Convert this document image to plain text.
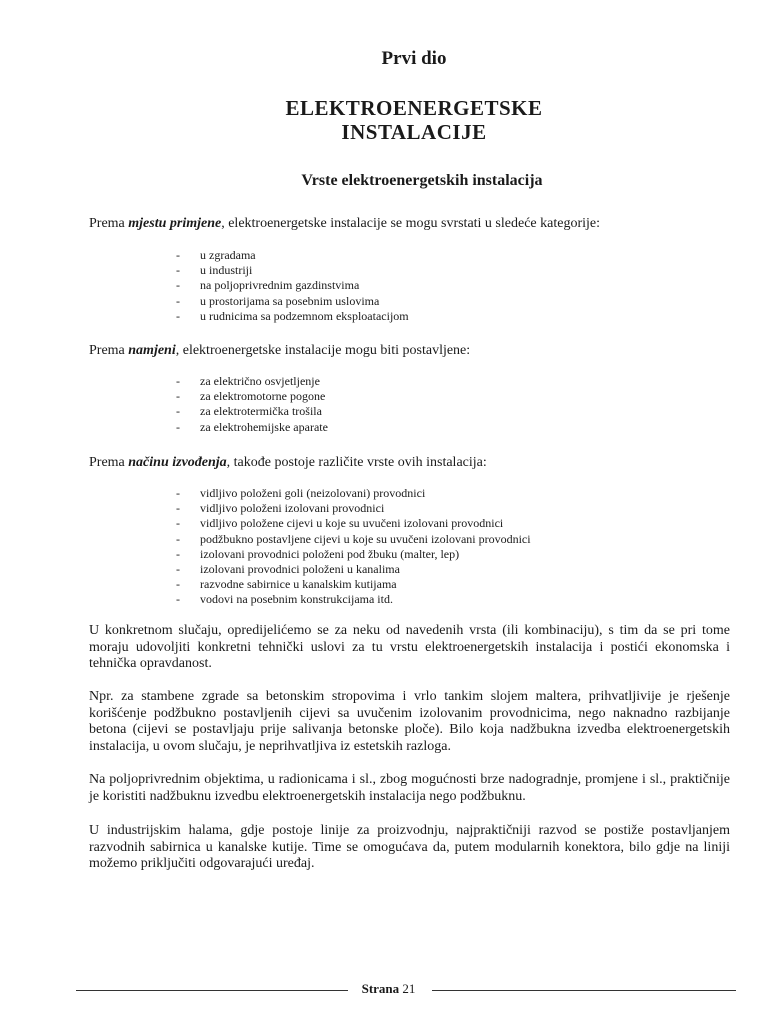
Prvi dio
ELEKTROENERGETSKE
INSTALACIJE
Vrste elektroenergetskih instalacija
Prema mjestu primjene, elektroenergetske instalacije se mogu svrstati u sledeće kategorije:
- u zgradama
- u industriji
- na poljoprivrednim gazdinstvima
- u prostorijama sa posebnim uslovima
- u rudnicima sa podzemnom eksploatacijom
Prema namjeni, elektroenergetske instalacije mogu biti postavljene:
- za električno osvjetljenje
- za elektromotorne pogone
- za elektrotermička trošila
- za elektrohemijske aparate
Prema načinu izvođenja, takođe postoje različite vrste ovih instalacija:
- vidljivo položeni goli (neizolovani) provodnici
- vidljivo položeni izolovani provodnici
- vidljivo položene cijevi u koje su uvučeni izolovani provodnici
- podžbukno postavljene cijevi u koje su uvučeni izolovani provodnici
- izolovani provodnici položeni pod žbuku (malter, lep)
- izolovani provodnici položeni u kanalima
- razvodne sabirnice u kanalskim kutijama
- vodovi na posebnim konstrukcijama itd.

U konkretnom slučaju, opredijelićemo se za neku od navedenih vrsta (ili kombinaciju), s tim da se pri tome moraju udovoljiti konkretni tehnički uslovi za tu vrstu elektroenergetskih instalacija i postići ekonomska i tehnička opravdanost.

Npr. za stambene zgrade sa betonskim stropovima i vrlo tankim slojem maltera, prihvatljivije je rješenje korišćenje podžbukno postavljenih cijevi sa uvučenim izolovanim provodnicima, nego naknadno razbijanje betona (cijevi se postavljaju prije salivanja betonske ploče). Bilo koja nadžbukna izvedba elektroenergetskih instalacija, u ovom slučaju, je neprihvatljiva iz estetskih razloga.

Na poljoprivrednim objektima, u radionicama i sl., zbog mogućnosti brze nadogradnje, promjene i sl., praktičnije je koristiti nadžbuknu izvedbu elektroenergetskih instalacija nego podžbuknu.

U industrijskim halama, gdje postoje linije za proizvodnju, najpraktičniji razvod se postiže postavljanjem razvodnih sabirnica u kanalske kutije. Time se omogućava da, putem modularnih konektora, bilo gdje na liniji možemo priključiti odgovarajući uređaj.

Strana 21
